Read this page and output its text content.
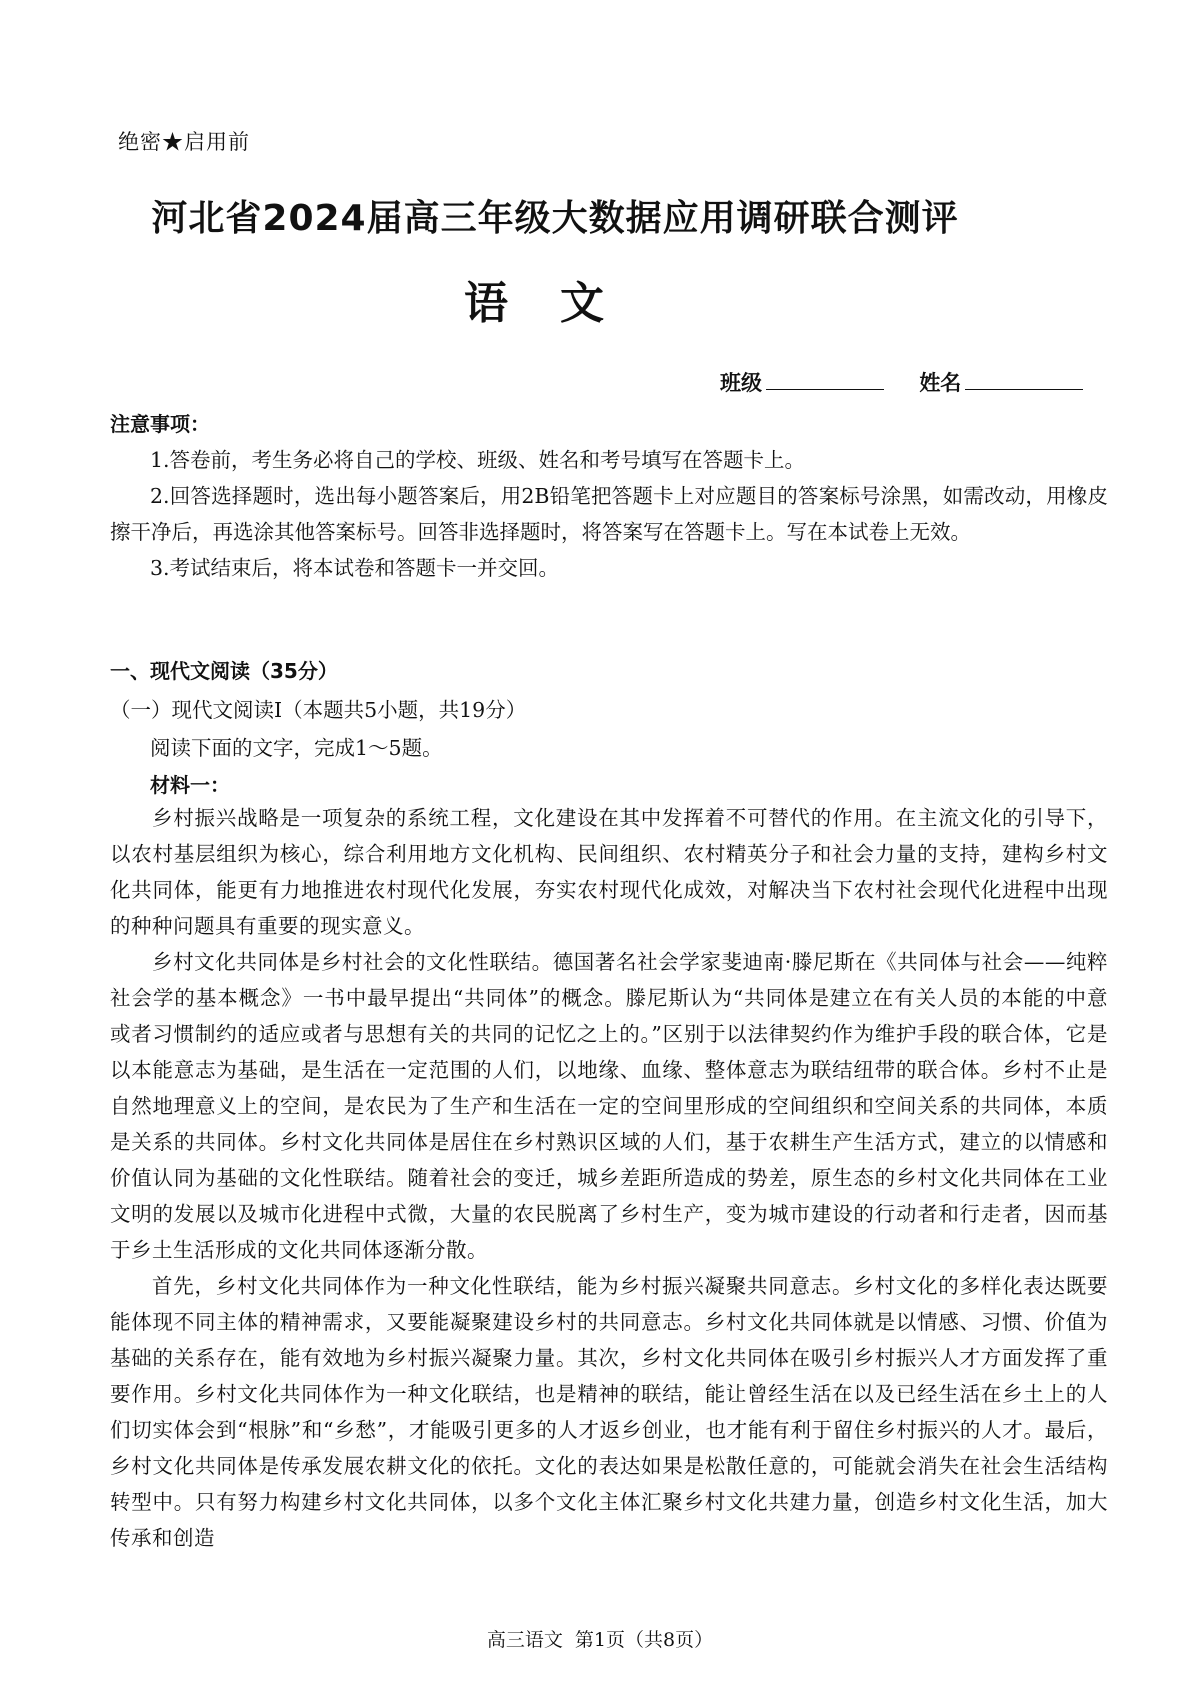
绝密★启用前
河北省2024届高三年级大数据应用调研联合测评
语文
班级	姓名
注意事项：

1.答卷前，考生务必将自己的学校、班级、姓名和考号填写在答题卡上。

2.回答选择题时，选出每小题答案后，用2B铅笔把答题卡上对应题目的答案标号涂黑，如需改动，用橡皮擦干净后，再选涂其他答案标号。回答非选择题时，将答案写在答题卡上。写在本试卷上无效。

3.考试结束后，将本试卷和答题卡一并交回。

一、现代文阅读（35分）
（一）现代文阅读Ⅰ（本题共5小题，共19分）
阅读下面的文字，完成1～5题。
材料一：

乡村振兴战略是一项复杂的系统工程，文化建设在其中发挥着不可替代的作用。在主流文化的引导下，以农村基层组织为核心，综合利用地方文化机构、民间组织、农村精英分子和社会力量的支持，建构乡村文化共同体，能更有力地推进农村现代化发展，夯实农村现代化成效，对解决当下农村社会现代化进程中出现的种种问题具有重要的现实意义。

乡村文化共同体是乡村社会的文化性联结。德国著名社会学家斐迪南·滕尼斯在《共同体与社会——纯粹社会学的基本概念》一书中最早提出“共同体”的概念。滕尼斯认为“共同体是建立在有关人员的本能的中意或者习惯制约的适应或者与思想有关的共同的记忆之上的。”区别于以法律契约作为维护手段的联合体，它是以本能意志为基础，是生活在一定范围的人们，以地缘、血缘、整体意志为联结纽带的联合体。乡村不止是自然地理意义上的空间，是农民为了生产和生活在一定的空间里形成的空间组织和空间关系的共同体，本质是关系的共同体。乡村文化共同体是居住在乡村熟识区域的人们，基于农耕生产生活方式，建立的以情感和价值认同为基础的文化性联结。随着社会的变迁，城乡差距所造成的势差，原生态的乡村文化共同体在工业文明的发展以及城市化进程中式微，大量的农民脱离了乡村生产，变为城市建设的行动者和行走者，因而基于乡土生活形成的文化共同体逐渐分散。

首先，乡村文化共同体作为一种文化性联结，能为乡村振兴凝聚共同意志。乡村文化的多样化表达既要能体现不同主体的精神需求，又要能凝聚建设乡村的共同意志。乡村文化共同体就是以情感、习惯、价值为基础的关系存在，能有效地为乡村振兴凝聚力量。其次，乡村文化共同体在吸引乡村振兴人才方面发挥了重要作用。乡村文化共同体作为一种文化联结，也是精神的联结，能让曾经生活在以及已经生活在乡土上的人们切实体会到“根脉”和“乡愁”，才能吸引更多的人才返乡创业，也才能有利于留住乡村振兴的人才。最后，乡村文化共同体是传承发展农耕文化的依托。文化的表达如果是松散任意的，可能就会消失在社会生活结构转型中。只有努力构建乡村文化共同体，以多个文化主体汇聚乡村文化共建力量，创造乡村文化生活，加大传承和创造

高三语文 第1页（共8页）
